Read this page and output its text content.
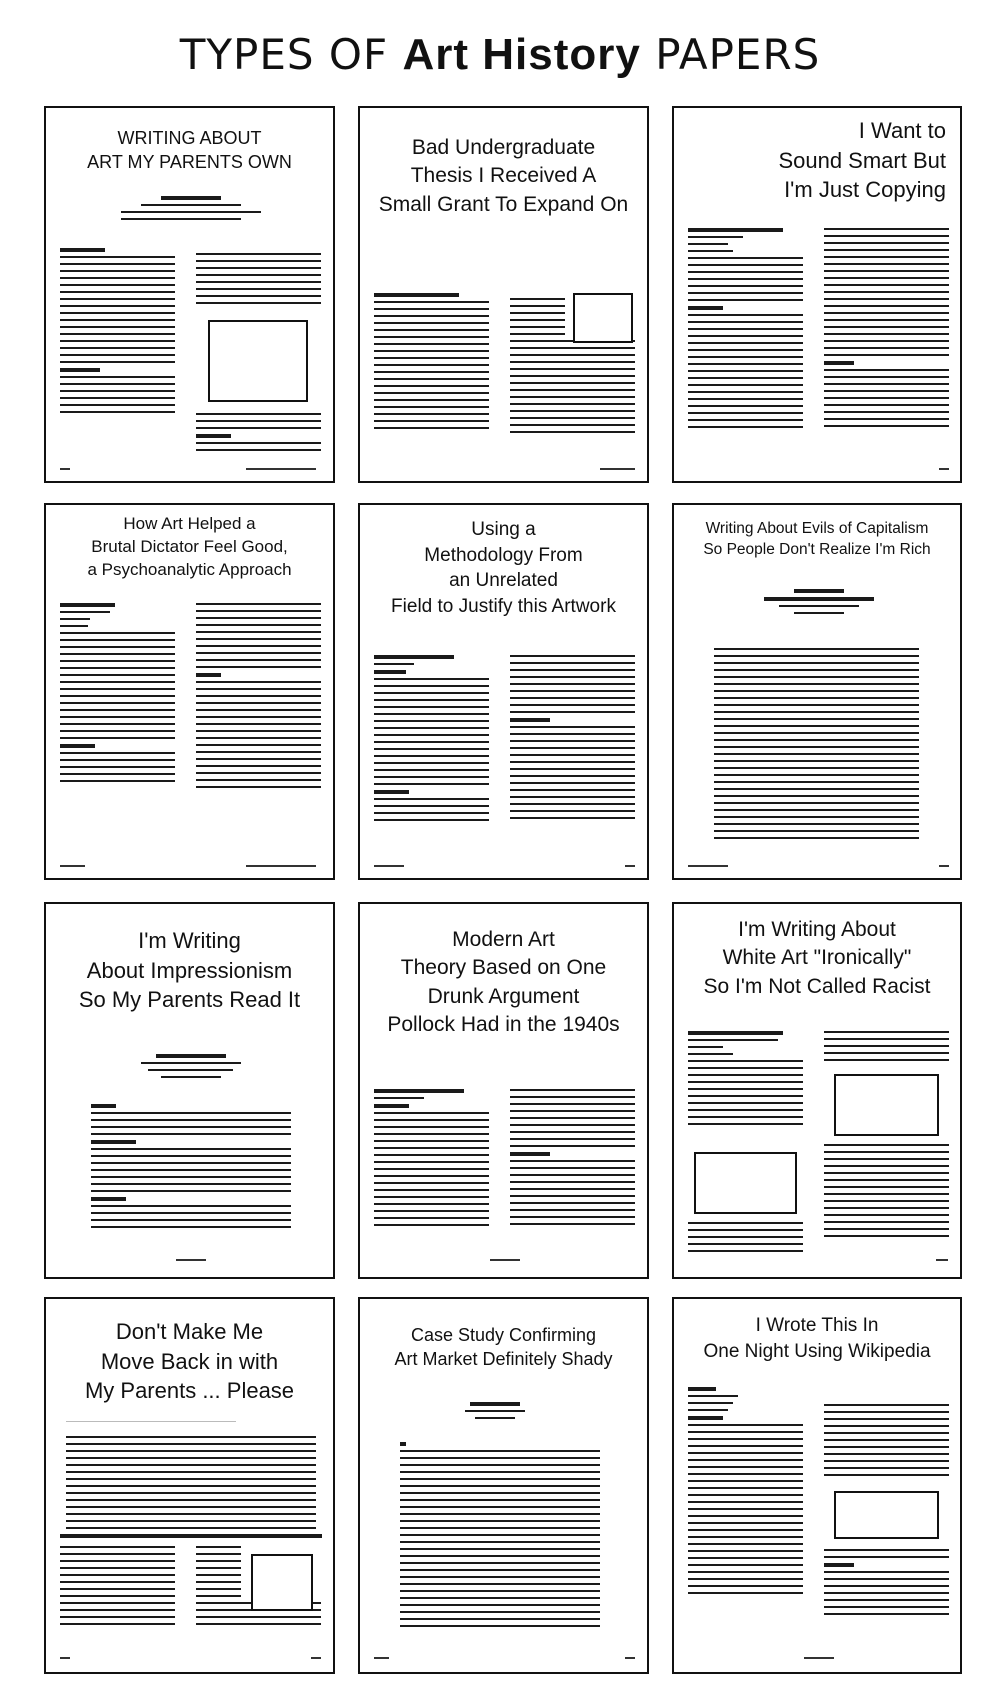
TYPES OF Art History PAPERS
WRITING ABOUT
ART MY PARENTS OWN
Bad Undergraduate
Thesis I Received A
Small Grant To Expand On
I Want to
Sound Smart But
I'm Just Copying
How Art Helped a
Brutal Dictator Feel Good,
a Psychoanalytic Approach
Using a
Methodology From
an Unrelated
Field to Justify this Artwork
Writing About Evils of Capitalism
So People Don't Realize I'm Rich
I'm Writing
About Impressionism
So My Parents Read It
Modern Art
Theory Based on One
Drunk Argument
Pollock Had in the 1940s
I'm Writing About
White Art "Ironically"
So I'm Not Called Racist
Don't Make Me
Move Back in with
My Parents ... Please
Case Study Confirming
Art Market Definitely Shady
I Wrote This In
One Night Using Wikipedia
